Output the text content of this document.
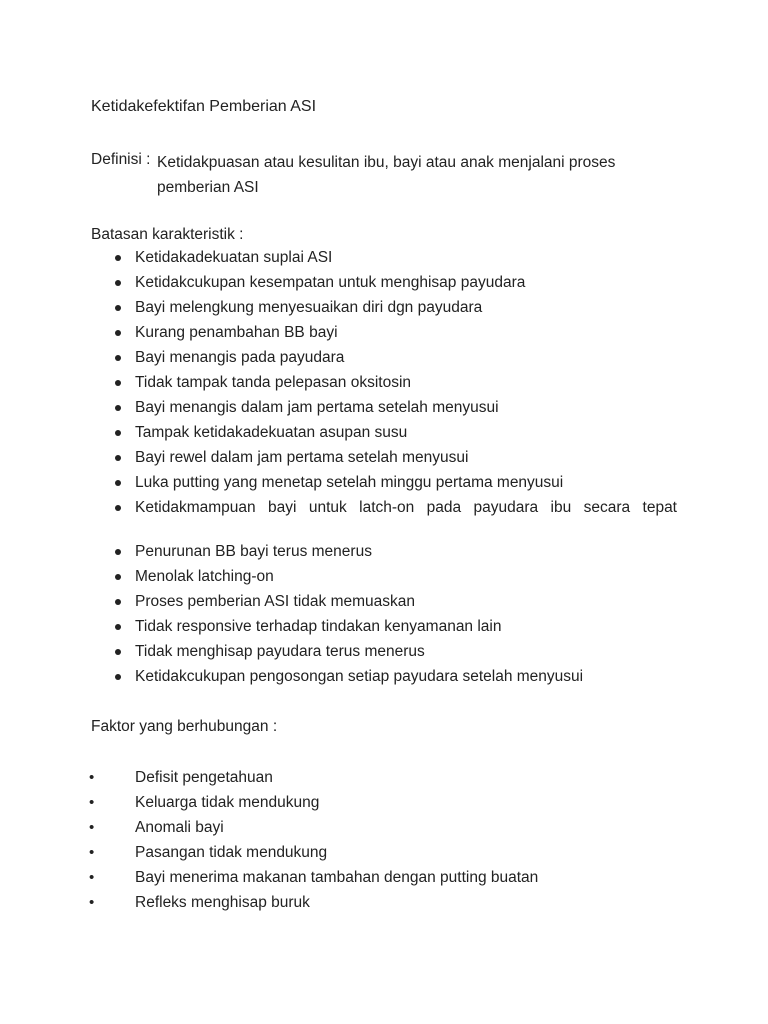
Ketidakefektifan Pemberian ASI
Definisi : Ketidakpuasan atau kesulitan ibu, bayi atau anak menjalani proses pemberian ASI
Batasan karakteristik :
Ketidakadekuatan suplai ASI
Ketidakcukupan kesempatan untuk menghisap payudara
Bayi melengkung menyesuaikan diri dgn payudara
Kurang penambahan BB bayi
Bayi menangis pada payudara
Tidak tampak tanda pelepasan oksitosin
Bayi menangis dalam jam pertama setelah menyusui
Tampak ketidakadekuatan asupan susu
Bayi rewel dalam jam pertama setelah menyusui
Luka putting yang menetap setelah minggu pertama menyusui
Ketidakmampuan bayi untuk latch-on pada payudara ibu secara tepat
Penurunan BB bayi terus menerus
Menolak latching-on
Proses pemberian ASI tidak memuaskan
Tidak responsive terhadap tindakan kenyamanan lain
Tidak menghisap payudara terus menerus
Ketidakcukupan pengosongan setiap payudara setelah menyusui
Faktor yang berhubungan :
•	Defisit pengetahuan
•	Keluarga tidak mendukung
•	Anomali bayi
•	Pasangan tidak mendukung
•	Bayi menerima makanan tambahan dengan putting buatan
•	Refleks menghisap buruk
